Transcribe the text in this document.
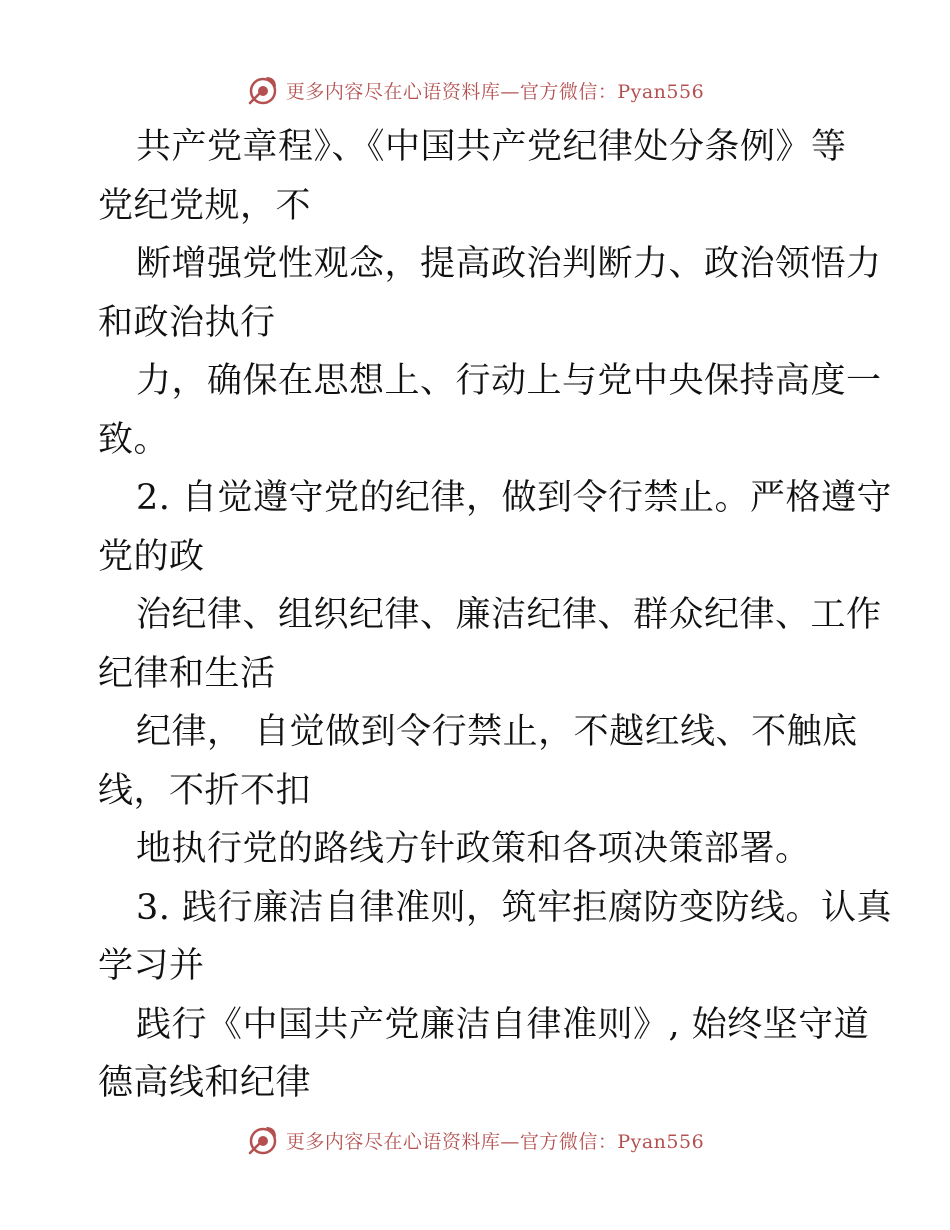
更多内容尽在心语资料库—官方微信：Pyan556
共产党章程》、《中国共产党纪律处分条例》等
党纪党规，不
断增强党性观念，提高政治判断力、政治领悟力
和政治执行
力，确保在思想上、行动上与党中央保持高度一
致。
2. 自觉遵守党的纪律，做到令行禁止。严格遵守
党的政
治纪律、组织纪律、廉洁纪律、群众纪律、工作
纪律和生活
纪律， 自觉做到令行禁止，不越红线、不触底
线，不折不扣
地执行党的路线方针政策和各项决策部署。
3. 践行廉洁自律准则，筑牢拒腐防变防线。认真
学习并
践行《中国共产党廉洁自律准则》, 始终坚守道
德高线和纪律
更多内容尽在心语资料库—官方微信：Pyan556
